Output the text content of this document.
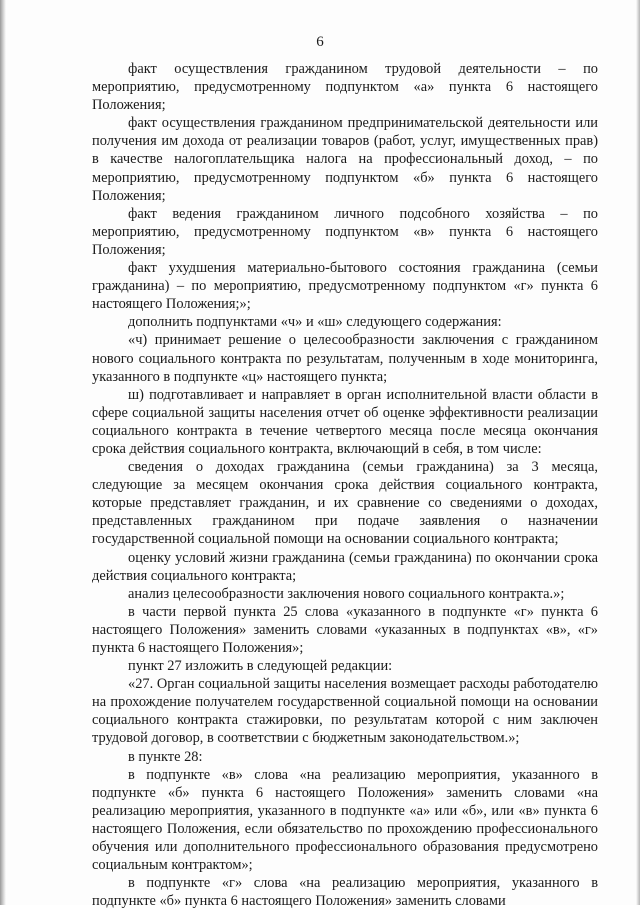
6

факт осуществления гражданином трудовой деятельности – по мероприятию, предусмотренному подпунктом «а» пункта 6 настоящего Положения;

факт осуществления гражданином предпринимательской деятельности или получения им дохода от реализации товаров (работ, услуг, имущественных прав) в качестве налогоплательщика налога на профессиональный доход, – по мероприятию, предусмотренному подпунктом «б» пункта 6 настоящего Положения;

факт ведения гражданином личного подсобного хозяйства – по мероприятию, предусмотренному подпунктом «в» пункта 6 настоящего Положения;

факт ухудшения материально-бытового состояния гражданина (семьи гражданина) – по мероприятию, предусмотренному подпунктом «г» пункта 6 настоящего Положения;»;

дополнить подпунктами «ч» и «ш» следующего содержания:

«ч) принимает решение о целесообразности заключения с гражданином нового социального контракта по результатам, полученным в ходе мониторинга, указанного в подпункте «ц» настоящего пункта;

ш) подготавливает и направляет в орган исполнительной власти области в сфере социальной защиты населения отчет об оценке эффективности реализации социального контракта в течение четвертого месяца после месяца окончания срока действия социального контракта, включающий в себя, в том числе:

сведения о доходах гражданина (семьи гражданина) за 3 месяца, следующие за месяцем окончания срока действия социального контракта, которые представляет гражданин, и их сравнение со сведениями о доходах, представленных гражданином при подаче заявления о назначении государственной социальной помощи на основании социального контракта;

оценку условий жизни гражданина (семьи гражданина) по окончании срока действия социального контракта;

анализ целесообразности заключения нового социального контракта.»;

в части первой пункта 25 слова «указанного в подпункте «г» пункта 6 настоящего Положения» заменить словами «указанных в подпунктах «в», «г» пункта 6 настоящего Положения»;

пункт 27 изложить в следующей редакции:

«27. Орган социальной защиты населения возмещает расходы работодателю на прохождение получателем государственной социальной помощи на основании социального контракта стажировки, по результатам которой с ним заключен трудовой договор, в соответствии с бюджетным законодательством.»;

в пункте 28:

в подпункте «в» слова «на реализацию мероприятия, указанного в подпункте «б» пункта 6 настоящего Положения» заменить словами «на реализацию мероприятия, указанного в подпункте «а» или «б», или «в» пункта 6 настоящего Положения, если обязательство по прохождению профессионального обучения или дополнительного профессионального образования предусмотрено социальным контрактом»;

в подпункте «г» слова «на реализацию мероприятия, указанного в подпункте «б» пункта 6 настоящего Положения» заменить словами
